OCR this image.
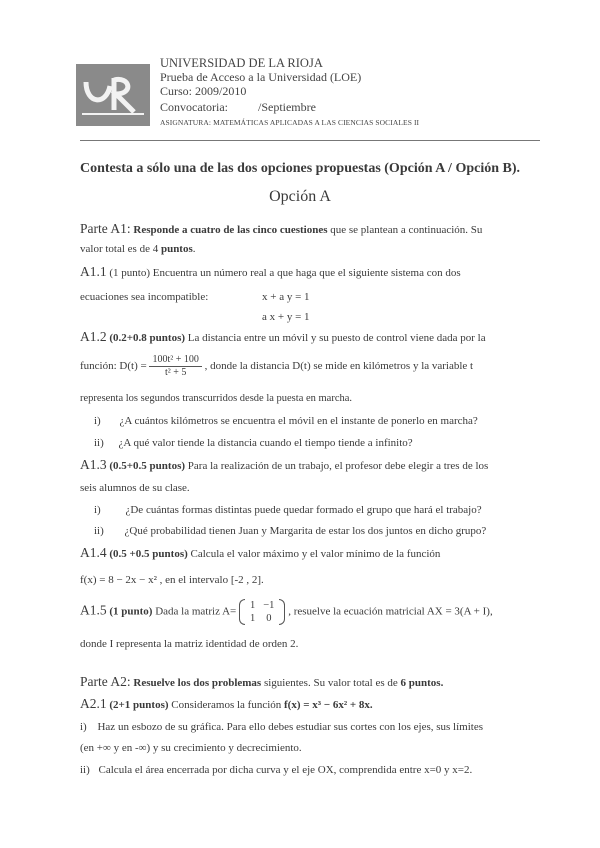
UNIVERSIDAD DE LA RIOJA
Prueba de Acceso a la Universidad (LOE)
Curso: 2009/2010
Convocatoria:          /Septiembre
ASIGNATURA: MATEMÁTICAS APLICADAS A LAS CIENCIAS SOCIALES II
Contesta a sólo una de las dos opciones propuestas (Opción A / Opción B).
Opción A
Parte A1: Responde a cuatro de las cinco cuestiones que se plantean a continuación. Su
valor total es de 4 puntos.
A1.1 (1 punto) Encuentra un número real a que haga que el siguiente sistema con dos
ecuaciones sea incompatible:	x + a y = 1
a x + y = 1
A1.2 (0.2+0.8 puntos) La distancia entre un móvil y su puesto de control viene dada por la
función: $D(t) = \frac{\text{100t² + 100}}{\text{t² + 5}}$ , donde la distancia D(t) se mide en kilómetros y la variable t
representa los segundos transcurridos desde la puesta en marcha.
i) ¿A cuántos kilómetros se encuentra el móvil en el instante de ponerlo en marcha?
ii) ¿A qué valor tiende la distancia cuando el tiempo tiende a infinito?
A1.3 (0.5+0.5 puntos) Para la realización de un trabajo, el profesor debe elegir a tres de los
seis alumnos de su clase.
i) ¿De cuántas formas distintas puede quedar formado el grupo que hará el trabajo?
ii) ¿Qué probabilidad tienen Juan y Margarita de estar los dos juntos en dicho grupo?
A1.4 (0.5 +0.5 puntos) Calcula el valor máximo y el valor mínimo de la función
f(x) = 8 − 2x − x² , en el intervalo [-2 , 2].
A1.5 (1 punto) Dada la matriz A=
1	−1
1	0
, resuelve la ecuación matricial AX = 3(A + I),
donde I representa la matriz identidad de orden 2.
Parte A2: Resuelve los dos problemas siguientes. Su valor total es de 6 puntos.
A2.1 (2+1 puntos) Consideramos la función f(x) = x³ − 6x² + 8x.
i) Haz un esbozo de su gráfica. Para ello debes estudiar sus cortes con los ejes, sus límites
(en +∞ y en -∞) y su crecimiento y decrecimiento.
ii) Calcula el área encerrada por dicha curva y el eje OX, comprendida entre x=0 y x=2.
